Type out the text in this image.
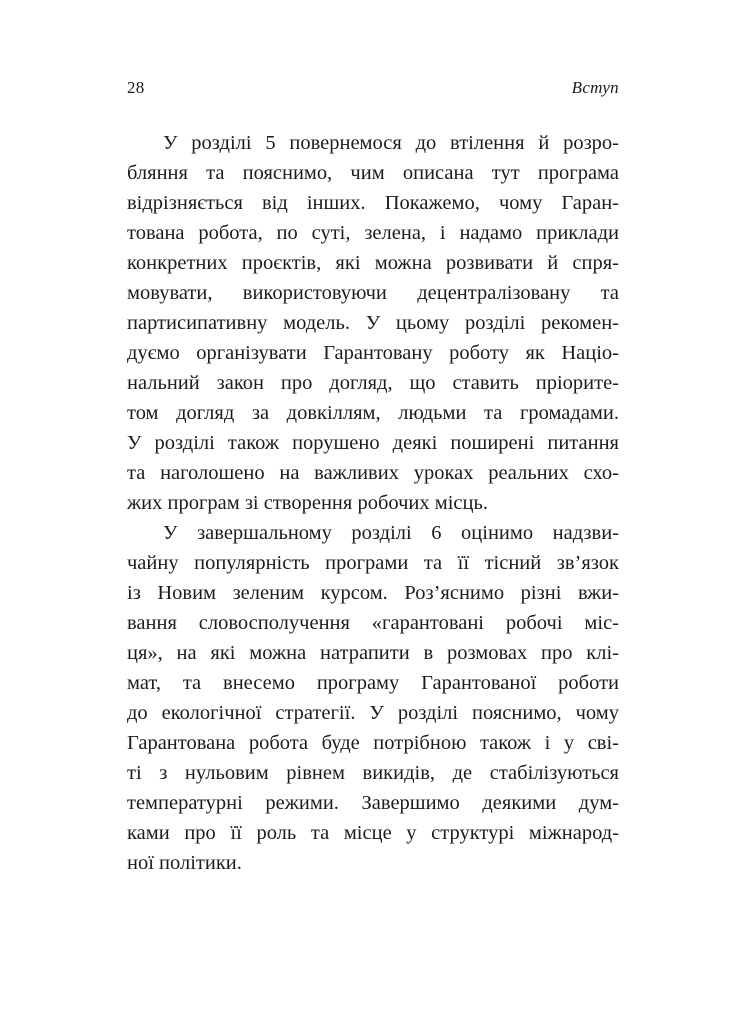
28	Вступ
У розділі 5 повернемося до втілення й розро-
бляння та пояснимо, чим описана тут програма
відрізняється від інших. Покажемо, чому Гаран-
тована робота, по суті, зелена, і надамо приклади
конкретних проєктів, які можна розвивати й спря-
мовувати, використовуючи децентралізовану та
партисипативну модель. У цьому розділі рекомен-
дуємо організувати Гарантовану роботу як Націо-
нальний закон про догляд, що ставить пріорите-
том догляд за довкіллям, людьми та громадами.
У розділі також порушено деякі поширені питання
та наголошено на важливих уроках реальних схо-
жих програм зі створення робочих місць.
У завершальному розділі 6 оцінимо надзви-
чайну популярність програми та її тісний зв’язок
із Новим зеленим курсом. Роз’яснимо різні вжи-
вання словосполучення «гарантовані робочі міс-
ця», на які можна натрапити в розмовах про клі-
мат, та внесемо програму Гарантованої роботи
до екологічної стратегії. У розділі пояснимо, чому
Гарантована робота буде потрібною також і у сві-
ті з нульовим рівнем викидів, де стабілізуються
температурні режими. Завершимо деякими дум-
ками про її роль та місце у структурі міжнарод-
ної політики.
